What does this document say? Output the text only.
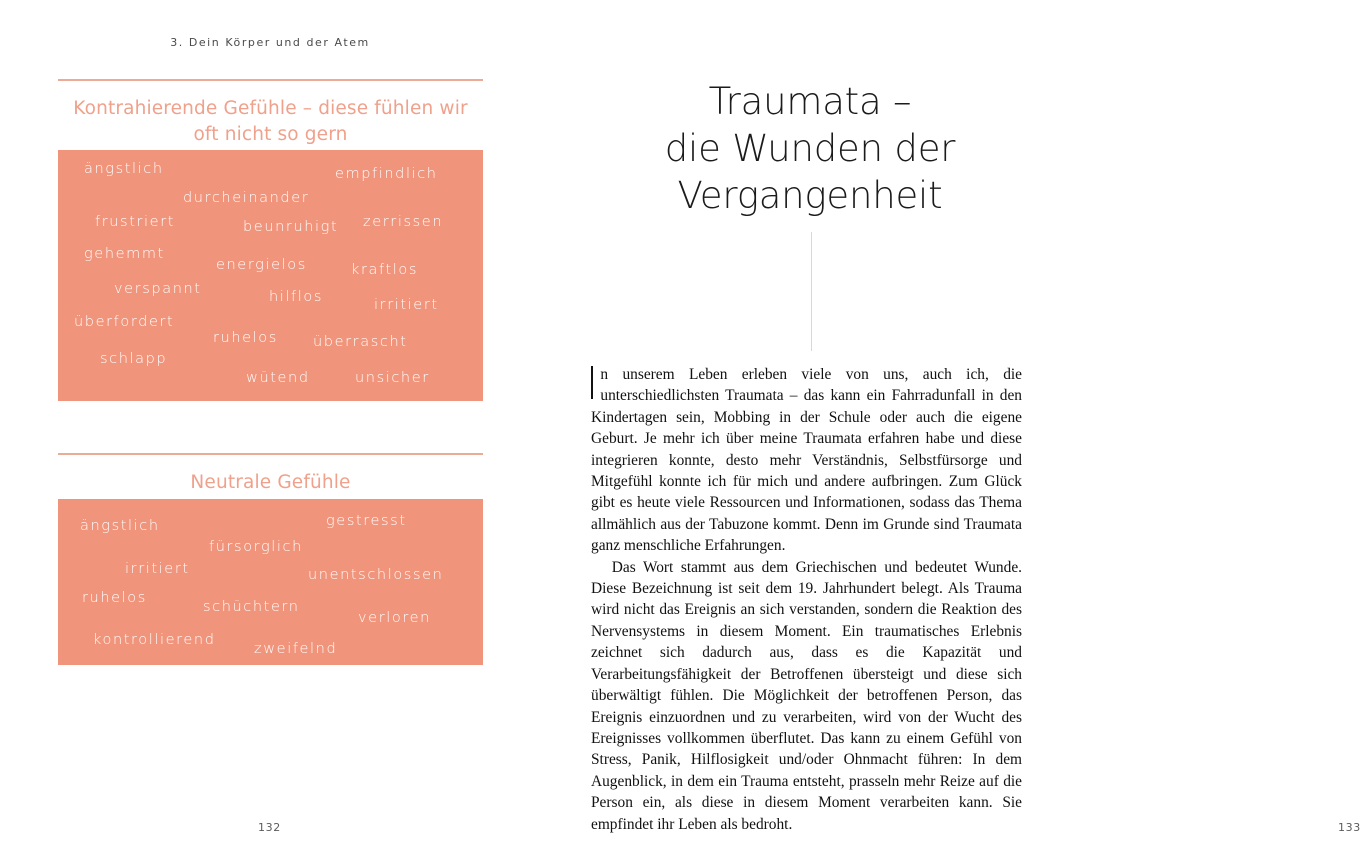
3. Dein Körper und der Atem
Kontrahierende Gefühle – diese fühlen wir oft nicht so gern
ängstlich	empfindlich
durcheinander
frustriert	beunruhigt zerrissen
gehemmt
energielos	kraftlos
verspannt	hilflos	irritiert
überfordert
ruhelos überrascht
schlapp
wütend	unsicher
Neutrale Gefühle
ängstlich	gestresst
fürsorglich
irritiert	unentschlossen
ruhelos
schüchtern
verloren
kontrollierend
zweifelnd
132
Traumata –
die Wunden der
Vergangenheit

n unserem Leben erleben viele von uns, auch ich, die unterschiedlichsten Traumata – das kann ein Fahrradunfall in den Kindertagen sein, Mobbing in der Schule oder auch die eigene Geburt. Je mehr ich über meine Traumata erfahren habe und diese integrieren konnte, desto mehr Verständnis, Selbstfürsorge und Mitgefühl konnte ich für mich und andere aufbringen. Zum Glück gibt es heute viele Ressourcen und Informationen, sodass das Thema allmählich aus der Tabuzone kommt. Denn im Grunde sind Traumata ganz menschliche Erfahrungen.

Das Wort stammt aus dem Griechischen und bedeutet Wunde. Diese Bezeichnung ist seit dem 19. Jahrhundert belegt. Als Trauma wird nicht das Ereignis an sich verstanden, sondern die Reaktion des Nervensystems in diesem Moment. Ein traumatisches Erlebnis zeichnet sich dadurch aus, dass es die Kapazität und Verarbeitungsfähigkeit der Betroffenen übersteigt und diese sich überwältigt fühlen. Die Möglichkeit der betroffenen Person, das Ereignis einzuordnen und zu verarbeiten, wird von der Wucht des Ereignisses vollkommen überflutet. Das kann zu einem Gefühl von Stress, Panik, Hilflosigkeit und/oder Ohnmacht führen: In dem Augenblick, in dem ein Trauma entsteht, prasseln mehr Reize auf die Person ein, als diese in diesem Moment verarbeiten kann. Sie empfindet ihr Leben als bedroht.	133
